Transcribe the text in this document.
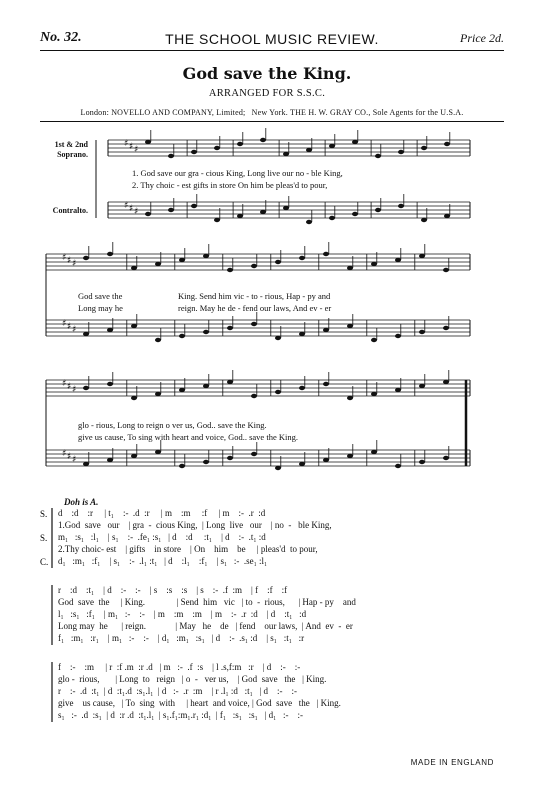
No. 32.	THE SCHOOL MUSIC REVIEW.	Price 2d.
God save the King.
ARRANGED FOR S.S.C.
London: NOVELLO AND COMPANY, Limited; New York. THE H. W. GRAY CO., Sole Agents for the U.S.A.
1st & 2nd Soprano.
Contralto.
♯ ♯ ♯
♯ ♯ ♯
♯ ♯ ♯
♯ ♯ ♯
♯ ♯ ♯
♯ ♯ ♯
S.
S.
C.
1. God save our gra - cious King, Long live our no - ble King,
2. Thy choic - est gifts in store On him be pleas'd to pour,
God save the	King. Send him vic - to - rious, Hap - py and
Long may he	reign. May he de - fend our laws, And ev - er
glo - rious, Long to reign o ver us, God.. save the King.
give us cause, To sing with heart and voice, God.. save the King.
Doh is A.
d    :d    :r     | t₁    :-  .d  :r     | m    :m     :f     | m    :-  .r  :d
1.God  save   our    | gra  -  cious King,  | Long  live   our    | no  -   ble King,
m₁   :s₁   :l₁    | s₁    :-  .fe₁ :s₁   | d    :d     :t₁    | d    :-  .t₁ :d
2.Thy choic- est    | gifts    in store    | On    him    be     | pleas'd  to pour,
d₁   :m₁   :f₁    | s₁    :-  .l₁ :t₁   | d    :l₁    :f₁    | s₁   :-  .se₁ :l₁
r    :d    :t₁    | d    :-    :-    | s    :s    :s    | s    :-  .f  :m    | f    :f    :f
God  save  the     | King.              | Send  him   vic   | to  -  rious,      | Hap - py    and
l₁   :s₁   :f₁    | m₁   :-    :-    | m    :m    :m    | m    :-  .r  :d    | d    :t₁   :d
Long may  he      | reign.             | May   he    de   | fend    our laws,  | And  ev  -  er
f₁   :m₁   :r₁    | m₁   :-    :-    | d₁   :m₁   :s₁   | d    :-  .s₁ :d    | s₁   :t₁   :r
f    :-    :m     | r  :f .m  :r .d   | m   :-  .f  :s    | l .s,f:m   :r    | d    :-    :-
glo -  rious,       | Long  to   reign   | o  -   ver us,    | God  save   the   | King.
r    :-  .d  :t₁  | d  :t₁.d  :s₁.l₁  | d   :-  .r  :m    | r .l₁ :d   :t₁   | d    :-    :-
give    us cause,   | To  sing  with     | heart  and voice, | God  save   the   | King.
s₁   :-  .d  :s₁  | d  :r .d  :t₁.l₁  | s₁.f₁:m₁.r₁ :d₁  | f₁   :s₁   :s₁   | d₁   :-    :-
MADE IN ENGLAND
